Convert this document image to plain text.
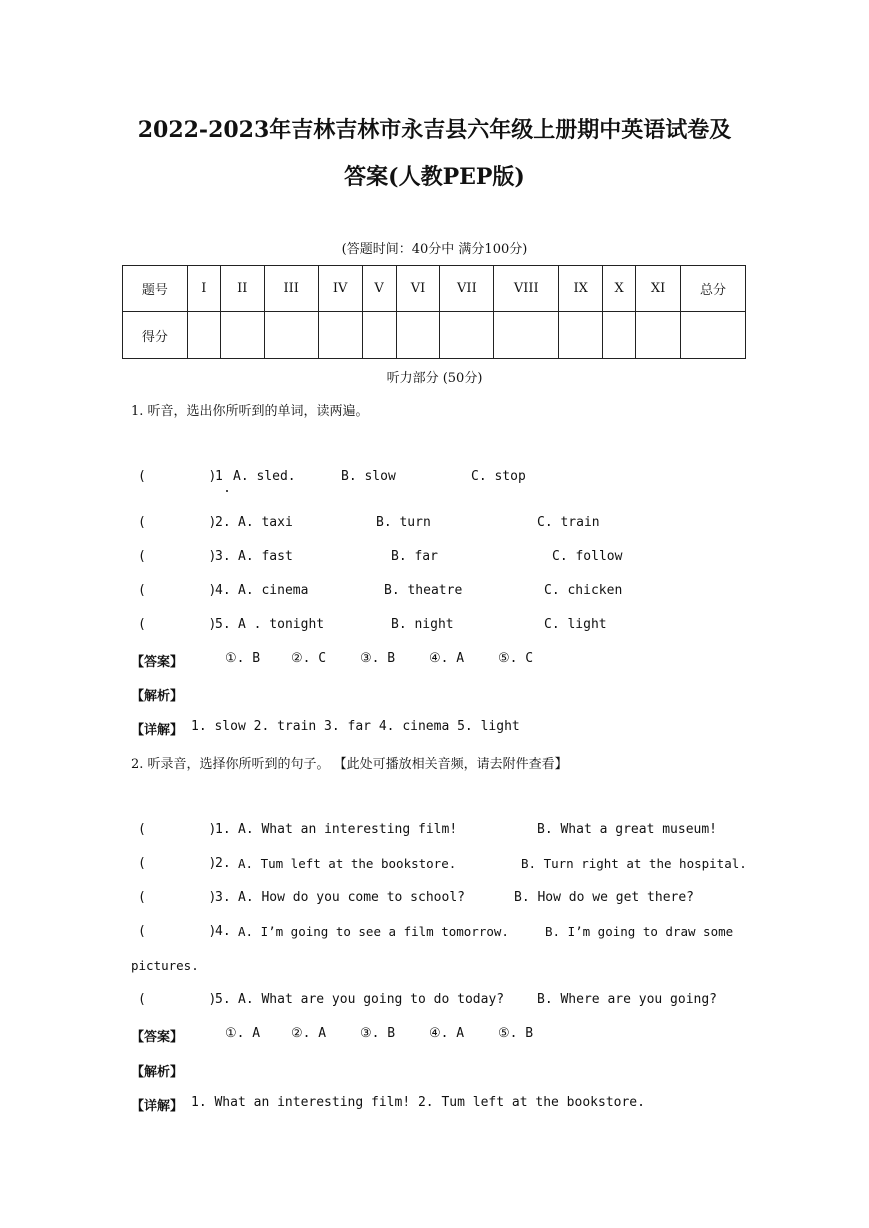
2022-2023年吉林吉林市永吉县六年级上册期中英语试卷及
答案(人教PEP版)
(答题时间：40分中 满分100分)
题号	I	II	III	IV	V	VI	VII	VIII	IX	X	XI	总分
得分												
听力部分 (50分)
1. 听音，选出你所听到的单词，读两遍。
(        )
1 A. sled.	B. slow	C. stop
(        )
2. A. taxi	B. turn	C. train
(        )
3. A. fast	B. far	C. follow
(        )
4. A. cinema	B. theatre	C. chicken
(        )
5. A . tonight	B. night	C. light
【答案】	①. B ②. C	③. B	④. A	⑤. C
【解析】
【详解】 1. slow 2. train 3. far 4. cinema 5. light
2. 听录音，选择你所听到的句子。 【此处可播放相关音频，请去附件查看】
(        )
1. A. What an interesting film!	B. What a great museum!
(        )
2. A. Tum left at the bookstore.	B. Turn right at the hospital.
(        )
3. A. How do you come to school?	B. How do we get there?
(        )
4. A. I’m going to see a film tomorrow.	B. I’m going to draw some
pictures.
(        )
5. A. What are you going to do today?	B. Where are you going?
【答案】	①. A ②. A	③. B	④. A	⑤. B
【解析】
【详解】 1. What an interesting film! 2. Tum left at the bookstore.
